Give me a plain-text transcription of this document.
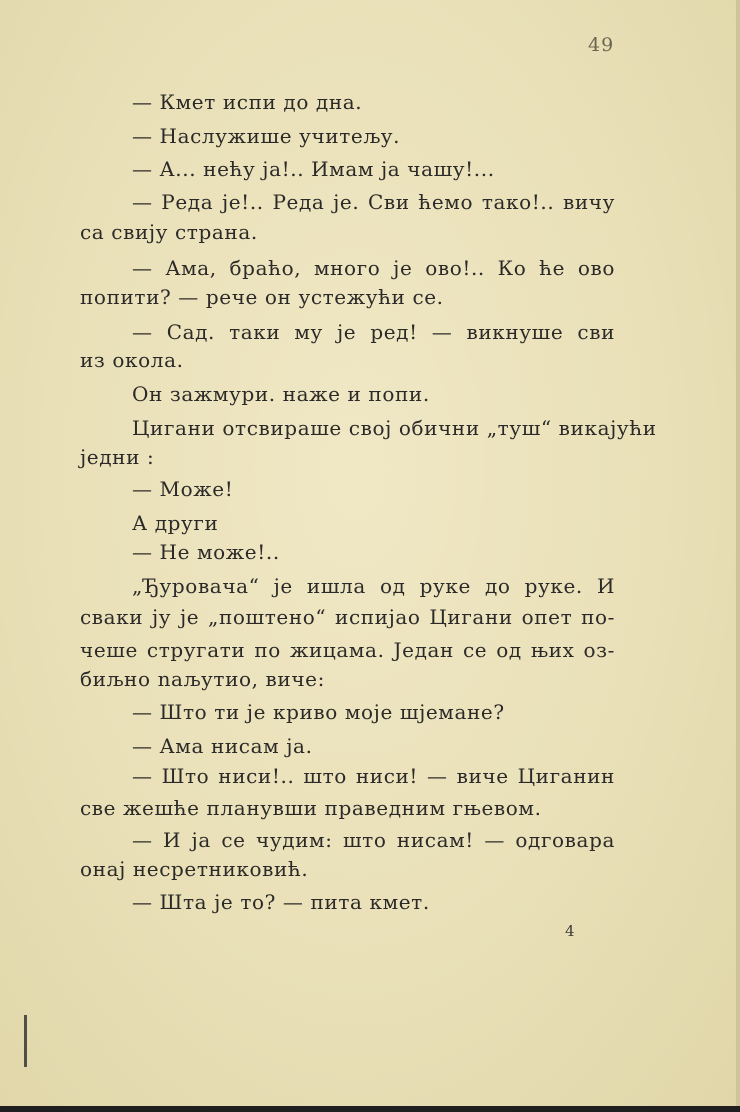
49
— Кмет испи до дна.
— Наслужише учитељу.
— А... нећу ја!.. Имам ја чашу!...
— Реда је!.. Реда је. Сви ћемо тако!.. вичу
са свију страна.
— Ама, браћо, много је ово!.. Ко ће ово
попити? — рече он устежући се.
— Сад. таки му је ред! — викнуше сви
из окола.
Он зажмури. наже и попи.
Цигани отсвираше свој обични „туш“ викајући
једни :
— Може!
А други
— Не може!..
„Ђуровача“ је ишла од руке до руке. И
сваки ју је „поштено“ испијао Цигани опет по-
чеше стругати по жицама. Један се од њих оз-
биљно naљутио, виче:
— Што ти је криво моје шјемане?
— Ама нисам ја.
— Што ниси!.. што ниси! — виче Циганин
све жешће планувши праведним гњевом.
— И ја се чудим: што нисам! — одговара
онај несретниковић.
— Шта је то? — пита кмет.
4
